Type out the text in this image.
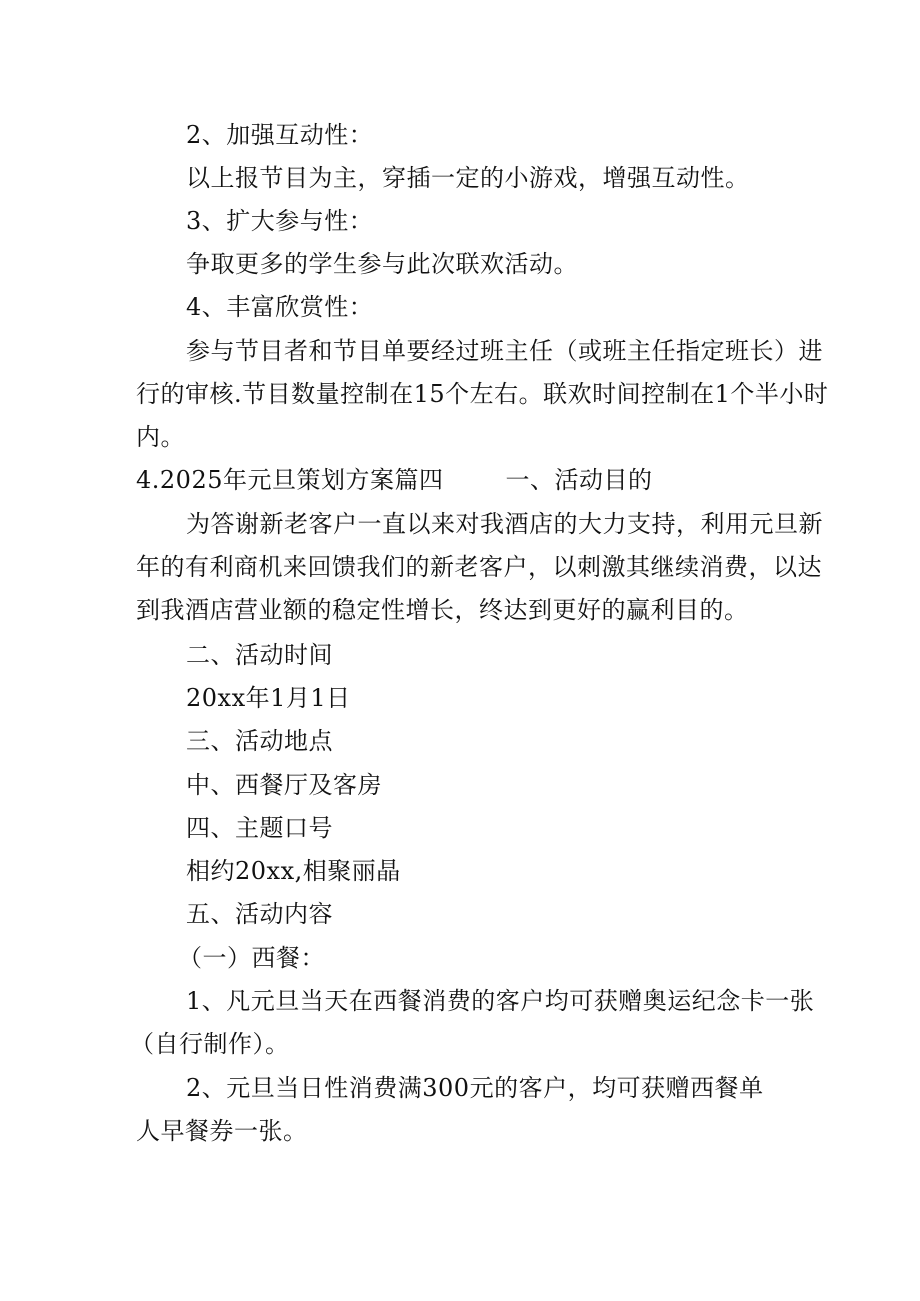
2、加强互动性：
以上报节目为主，穿插一定的小游戏，增强互动性。
3、扩大参与性：
争取更多的学生参与此次联欢活动。
4、丰富欣赏性：
参与节目者和节目单要经过班主任（或班主任指定班长）进
行的审核.节目数量控制在15个左右。联欢时间控制在1个半小时
内。
4.2025年元旦策划方案篇四	一、活动目的
为答谢新老客户一直以来对我酒店的大力支持，利用元旦新
年的有利商机来回馈我们的新老客户，以刺激其继续消费，以达
到我酒店营业额的稳定性增长，终达到更好的赢利目的。
二、活动时间
20xx年1月1日
三、活动地点
中、西餐厅及客房
四、主题口号
相约20xx,相聚丽晶
五、活动内容
（一）西餐：
1、凡元旦当天在西餐消费的客户均可获赠奥运纪念卡一张
（自行制作）。
2、元旦当日性消费满300元的客户，均可获赠西餐单
人早餐券一张。
